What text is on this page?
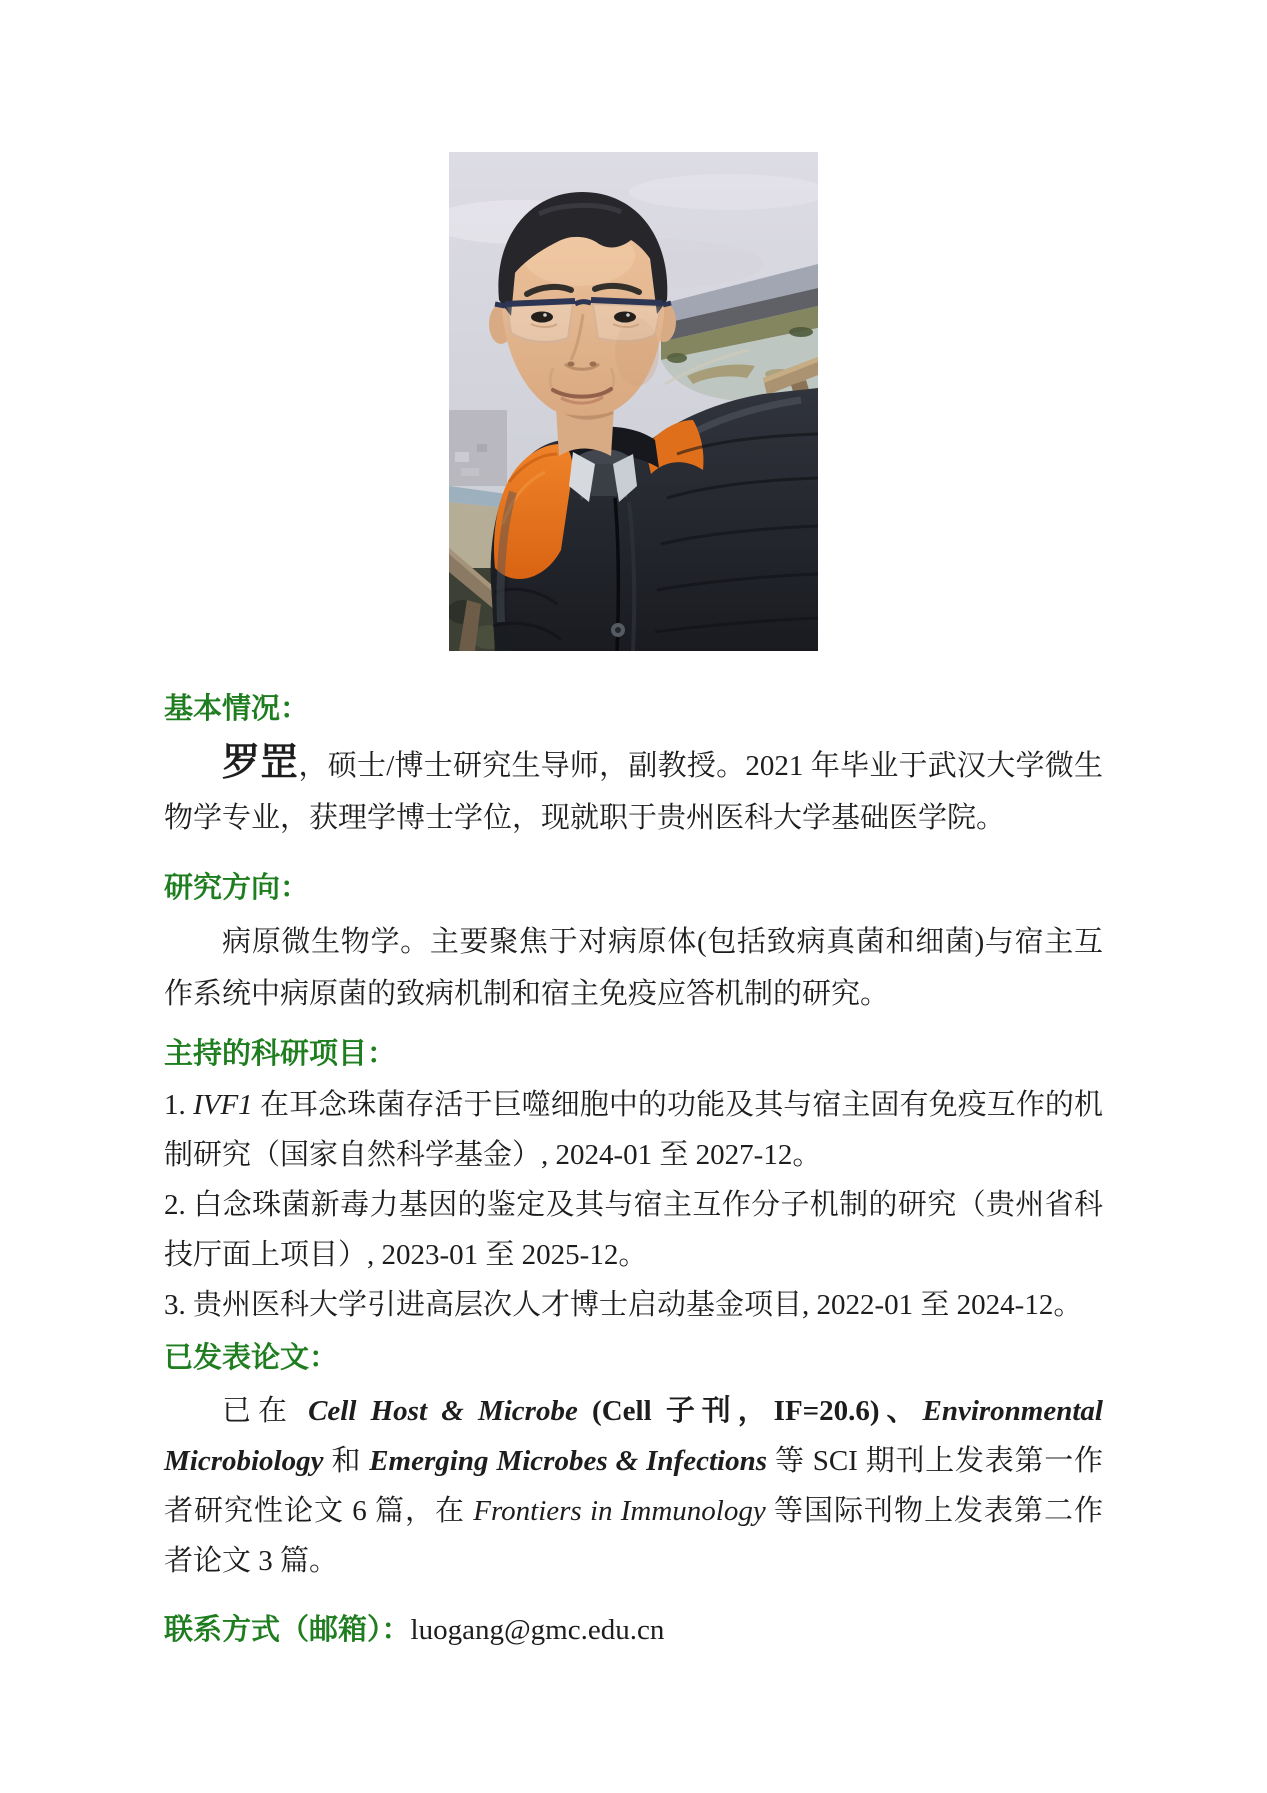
基本情况：

罗罡，硕士/博士研究生导师，副教授。2021 年毕业于武汉大学微生物学专业，获理学博士学位，现就职于贵州医科大学基础医学院。

研究方向：

病原微生物学。主要聚焦于对病原体(包括致病真菌和细菌)与宿主互作系统中病原菌的致病机制和宿主免疫应答机制的研究。

主持的科研项目：

1. IVF1 在耳念珠菌存活于巨噬细胞中的功能及其与宿主固有免疫互作的机制研究（国家自然科学基金）, 2024-01 至 2027-12。

2. 白念珠菌新毒力基因的鉴定及其与宿主互作分子机制的研究（贵州省科技厅面上项目）, 2023-01 至 2025-12。

3. 贵州医科大学引进高层次人才博士启动基金项目, 2022-01 至 2024-12。

已发表论文：

已在 Cell Host & Microbe (Cell 子刊，IF=20.6)、Environmental Microbiology 和 Emerging Microbes & Infections 等 SCI 期刊上发表第一作者研究性论文 6 篇，在 Frontiers in Immunology 等国际刊物上发表第二作者论文 3 篇。

联系方式（邮箱）：luogang@gmc.edu.cn
